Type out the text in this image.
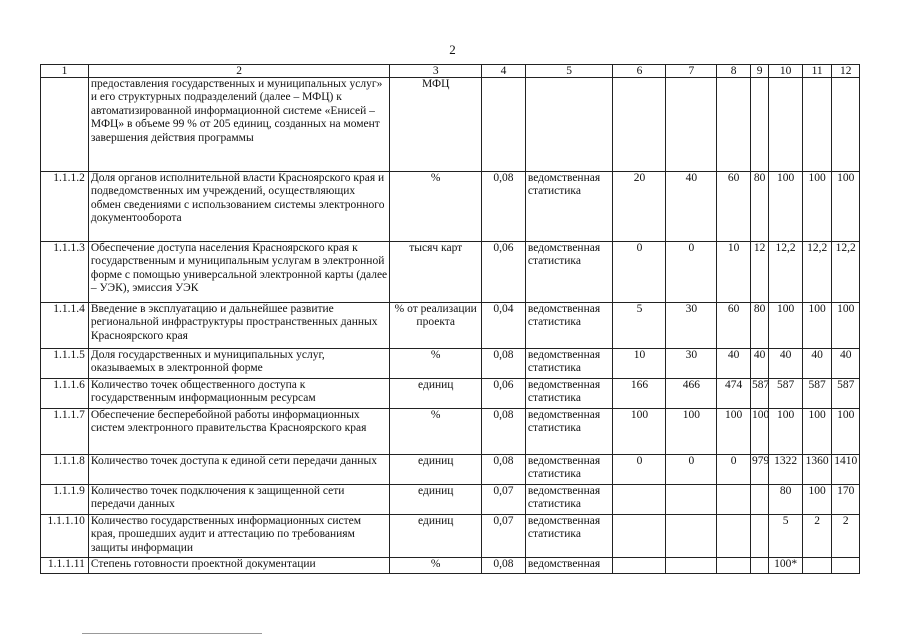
2
1	2	3	4	5	6	7	8	9	10	11	12
	предоставления государственных и муниципальных услуг» и его структурных подразделений (далее – МФЦ) к автоматизированной информационной системе «Енисей – МФЦ» в объеме 99 % от 205 единиц, созданных на момент завершения действия программы	МФЦ									
1.1.1.2	Доля органов исполнительной власти Красноярского края и подведомственных им учреждений, осуществляющих обмен сведениями с использованием системы электронного документооборота	%	0,08	ведомственная статистика	20	40	60	80	100	100	100
1.1.1.3	Обеспечение доступа населения Красноярского края к государственным и муниципальным услугам в электронной форме с помощью универсальной электронной карты (далее – УЭК), эмиссия УЭК	тысяч карт	0,06	ведомственная статистика	0	0	10	12	12,2	12,2	12,2
1.1.1.4	Введение в эксплуатацию и дальнейшее развитие региональной инфраструктуры пространственных данных Красноярского края	% от реализации проекта	0,04	ведомственная статистика	5	30	60	80	100	100	100
1.1.1.5	Доля государственных и муниципальных услуг, оказываемых в электронной форме	%	0,08	ведомственная статистика	10	30	40	40	40	40	40
1.1.1.6	Количество точек общественного доступа к государственным информационным ресурсам	единиц	0,06	ведомственная статистика	166	466	474	587	587	587	587
1.1.1.7	Обеспечение бесперебойной работы информационных систем электронного правительства Красноярского края	%	0,08	ведомственная статистика	100	100	100	100	100	100	100
1.1.1.8	Количество точек доступа к единой сети передачи данных	единиц	0,08	ведомственная статистика	0	0	0	979	1322	1360	1410
1.1.1.9	Количество точек подключения к защищенной сети передачи данных	единиц	0,07	ведомственная статистика					80	100	170
1.1.1.10	Количество государственных информационных систем края, прошедших аудит и аттестацию по требованиям защиты информации	единиц	0,07	ведомственная статистика					5	2	2
1.1.1.11	Степень готовности проектной документации	%	0,08	ведомственная					100*		
